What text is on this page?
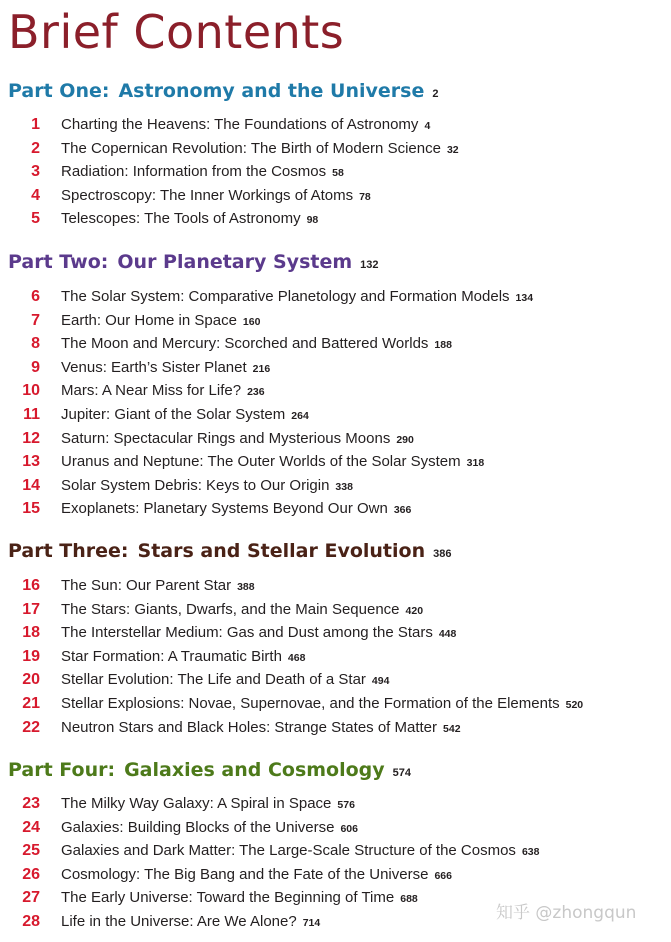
Brief Contents
Part One: Astronomy and the Universe 2
1 Charting the Heavens: The Foundations of Astronomy 4
2 The Copernican Revolution: The Birth of Modern Science 32
3 Radiation: Information from the Cosmos 58
4 Spectroscopy: The Inner Workings of Atoms 78
5 Telescopes: The Tools of Astronomy 98
Part Two: Our Planetary System 132
6 The Solar System: Comparative Planetology and Formation Models 134
7 Earth: Our Home in Space 160
8 The Moon and Mercury: Scorched and Battered Worlds 188
9 Venus: Earth’s Sister Planet 216
10 Mars: A Near Miss for Life? 236
11 Jupiter: Giant of the Solar System 264
12 Saturn: Spectacular Rings and Mysterious Moons 290
13 Uranus and Neptune: The Outer Worlds of the Solar System 318
14 Solar System Debris: Keys to Our Origin 338
15 Exoplanets: Planetary Systems Beyond Our Own 366
Part Three: Stars and Stellar Evolution 386
16 The Sun: Our Parent Star 388
17 The Stars: Giants, Dwarfs, and the Main Sequence 420
18 The Interstellar Medium: Gas and Dust among the Stars 448
19 Star Formation: A Traumatic Birth 468
20 Stellar Evolution: The Life and Death of a Star 494
21 Stellar Explosions: Novae, Supernovae, and the Formation of the Elements 520
22 Neutron Stars and Black Holes: Strange States of Matter 542
Part Four: Galaxies and Cosmology 574
23 The Milky Way Galaxy: A Spiral in Space 576
24 Galaxies: Building Blocks of the Universe 606
25 Galaxies and Dark Matter: The Large-Scale Structure of the Cosmos 638
26 Cosmology: The Big Bang and the Fate of the Universe 666
27 The Early Universe: Toward the Beginning of Time 688
28 Life in the Universe: Are We Alone? 714	知乎 @zhongqun
